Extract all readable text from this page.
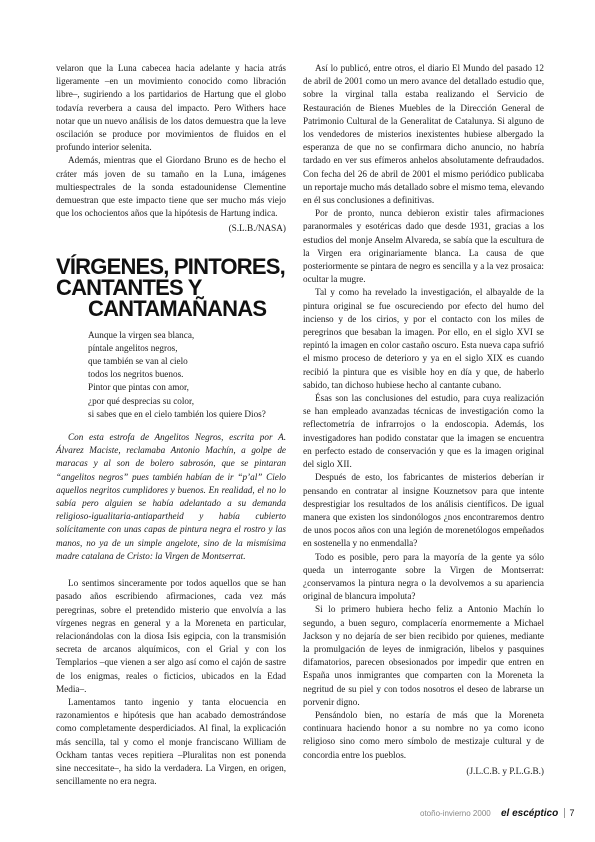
velaron que la Luna cabecea hacia adelante y hacia atrás ligeramente –en un movimiento conocido como libración libre–, sugiriendo a los partidarios de Hartung que el globo todavía reverbera a causa del impacto. Pero Withers hace notar que un nuevo análisis de los datos demuestra que la leve oscilación se produce por movimientos de fluidos en el profundo interior selenita.

Además, mientras que el Giordano Bruno es de hecho el cráter más joven de su tamaño en la Luna, imágenes multiespectrales de la sonda estadounidense Clementine demuestran que este impacto tiene que ser mucho más viejo que los ochocientos años que la hipótesis de Hartung indica.

(S.L.B./NASA)

VÍRGENES, PINTORES,
CANTANTES Y
CANTAMAÑANAS
Aunque la virgen sea blanca,
píntale angelitos negros,
que también se van al cielo
todos los negritos buenos.
Pintor que pintas con amor,
¿por qué desprecias su color,
si sabes que en el cielo también los quiere Dios?

Con esta estrofa de Angelitos Negros, escrita por A. Álvarez Maciste, reclamaba Antonio Machín, a golpe de maracas y al son de bolero sabrosón, que se pintaran “angelitos negros” pues también habían de ir “p’al” Cielo aquellos negritos cumplidores y buenos. En realidad, el no lo sabía pero alguien se había adelantado a su demanda religioso-igualitaria-antiapartheid y había cubierto solícitamente con unas capas de pintura negra el rostro y las manos, no ya de un simple angelote, sino de la mismísima madre catalana de Cristo: la Virgen de Montserrat.

Lo sentimos sinceramente por todos aquellos que se han pasado años escribiendo afirmaciones, cada vez más peregrinas, sobre el pretendido misterio que envolvía a las vírgenes negras en general y a la Moreneta en particular, relacionándolas con la diosa Isis egipcia, con la transmisión secreta de arcanos alquímicos, con el Grial y con los Templarios –que vienen a ser algo así como el cajón de sastre de los enigmas, reales o ficticios, ubicados en la Edad Media–.

Lamentamos tanto ingenio y tanta elocuencia en razonamientos e hipótesis que han acabado demostrándose como completamente desperdiciados. Al final, la explicación más sencilla, tal y como el monje franciscano William de Ockham tantas veces repitiera –Pluralitas non est ponenda sine neccesitate–, ha sido la verdadera. La Virgen, en origen, sencillamente no era negra.

Así lo publicó, entre otros, el diario El Mundo del pasado 12 de abril de 2001 como un mero avance del detallado estudio que, sobre la virginal talla estaba realizando el Servicio de Restauración de Bienes Muebles de la Dirección General de Patrimonio Cultural de la Generalitat de Catalunya. Si alguno de los vendedores de misterios inexistentes hubiese albergado la esperanza de que no se confirmara dicho anuncio, no habría tardado en ver sus efímeros anhelos absolutamente defraudados. Con fecha del 26 de abril de 2001 el mismo periódico publicaba un reportaje mucho más detallado sobre el mismo tema, elevando en él sus conclusiones a definitivas.

Por de pronto, nunca debieron existir tales afirmaciones paranormales y esotéricas dado que desde 1931, gracias a los estudios del monje Anselm Alvareda, se sabía que la escultura de la Virgen era originariamente blanca. La causa de que posteriormente se pintara de negro es sencilla y a la vez prosaica: ocultar la mugre.

Tal y como ha revelado la investigación, el albayalde de la pintura original se fue oscureciendo por efecto del humo del incienso y de los cirios, y por el contacto con los miles de peregrinos que besaban la imagen. Por ello, en el siglo XVI se repintó la imagen en color castaño oscuro. Esta nueva capa sufrió el mismo proceso de deterioro y ya en el siglo XIX es cuando recibió la pintura que es visible hoy en día y que, de haberlo sabido, tan dichoso hubiese hecho al cantante cubano.

Ésas son las conclusiones del estudio, para cuya realización se han empleado avanzadas técnicas de investigación como la reflectometría de infrarrojos o la endoscopia. Además, los investigadores han podido constatar que la imagen se encuentra en perfecto estado de conservación y que es la imagen original del siglo XII.

Después de esto, los fabricantes de misterios deberían ir pensando en contratar al insigne Kouznetsov para que intente desprestigiar los resultados de los análisis científicos. De igual manera que existen los sindonólogos ¿nos encontraremos dentro de unos pocos años con una legión de morenetólogos empeñados en sostenella y no enmendalla?

Todo es posible, pero para la mayoría de la gente ya sólo queda un interrogante sobre la Virgen de Montserrat: ¿conservamos la pintura negra o la devolvemos a su apariencia original de blancura impoluta?

Si lo primero hubiera hecho feliz a Antonio Machín lo segundo, a buen seguro, complacería enormemente a Michael Jackson y no dejaría de ser bien recibido por quienes, mediante la promulgación de leyes de inmigración, libelos y pasquines difamatorios, parecen obsesionados por impedir que entren en España unos inmigrantes que comparten con la Moreneta la negritud de su piel y con todos nosotros el deseo de labrarse un porvenir digno.

Pensándolo bien, no estaría de más que la Moreneta continuara haciendo honor a su nombre no ya como icono religioso sino como mero símbolo de mestizaje cultural y de concordia entre los pueblos.

(J.L.C.B. y P.L.G.B.)

otoño-invierno 2000 el escéptico 7
